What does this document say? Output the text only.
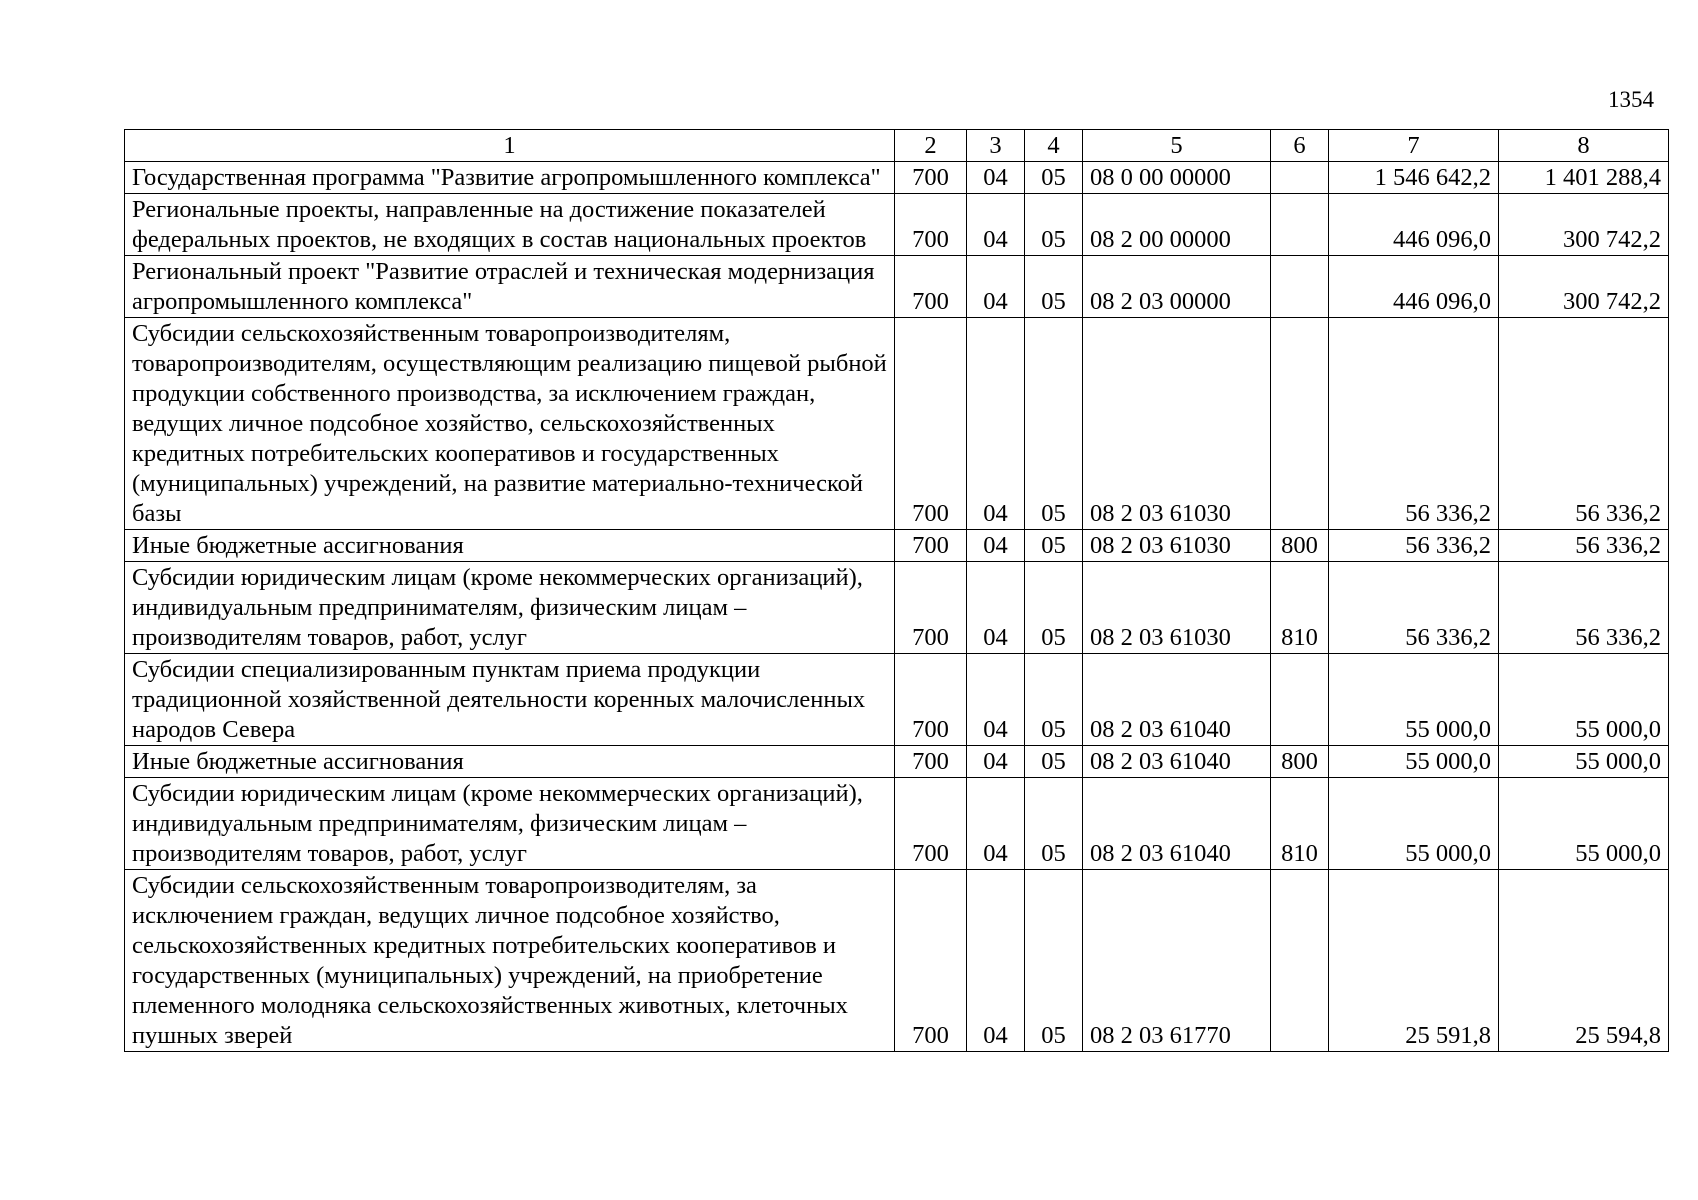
1354
1	2	3	4	5	6	7	8
Государственная программа "Развитие агропромышленного комплекса"	700	04	05	08 0 00 00000		1 546 642,2	1 401 288,4
Региональные проекты, направленные на достижение показателей федеральных проектов, не входящих в состав национальных проектов	700	04	05	08 2 00 00000		446 096,0	300 742,2
Региональный проект "Развитие отраслей и техническая модернизация агропромышленного комплекса"	700	04	05	08 2 03 00000		446 096,0	300 742,2
Субсидии сельскохозяйственным товаропроизводителям, товаропроизводителям, осуществляющим реализацию пищевой рыбной продукции собственного производства, за исключением граждан, ведущих личное подсобное хозяйство, сельскохозяйственных кредитных потребительских кооперативов и государственных (муниципальных) учреждений, на развитие материально-технической базы	700	04	05	08 2 03 61030		56 336,2	56 336,2
Иные бюджетные ассигнования	700	04	05	08 2 03 61030	800	56 336,2	56 336,2
Субсидии юридическим лицам (кроме некоммерческих организаций), индивидуальным предпринимателям, физическим лицам – производителям товаров, работ, услуг	700	04	05	08 2 03 61030	810	56 336,2	56 336,2
Субсидии специализированным пунктам приема продукции традиционной хозяйственной деятельности коренных малочисленных народов Севера	700	04	05	08 2 03 61040		55 000,0	55 000,0
Иные бюджетные ассигнования	700	04	05	08 2 03 61040	800	55 000,0	55 000,0
Субсидии юридическим лицам (кроме некоммерческих организаций), индивидуальным предпринимателям, физическим лицам – производителям товаров, работ, услуг	700	04	05	08 2 03 61040	810	55 000,0	55 000,0
Субсидии сельскохозяйственным товаропроизводителям, за исключением граждан, ведущих личное подсобное хозяйство, сельскохозяйственных кредитных потребительских кооперативов и государственных (муниципальных) учреждений, на приобретение племенного молодняка сельскохозяйственных животных, клеточных пушных зверей	700	04	05	08 2 03 61770		25 591,8	25 594,8
